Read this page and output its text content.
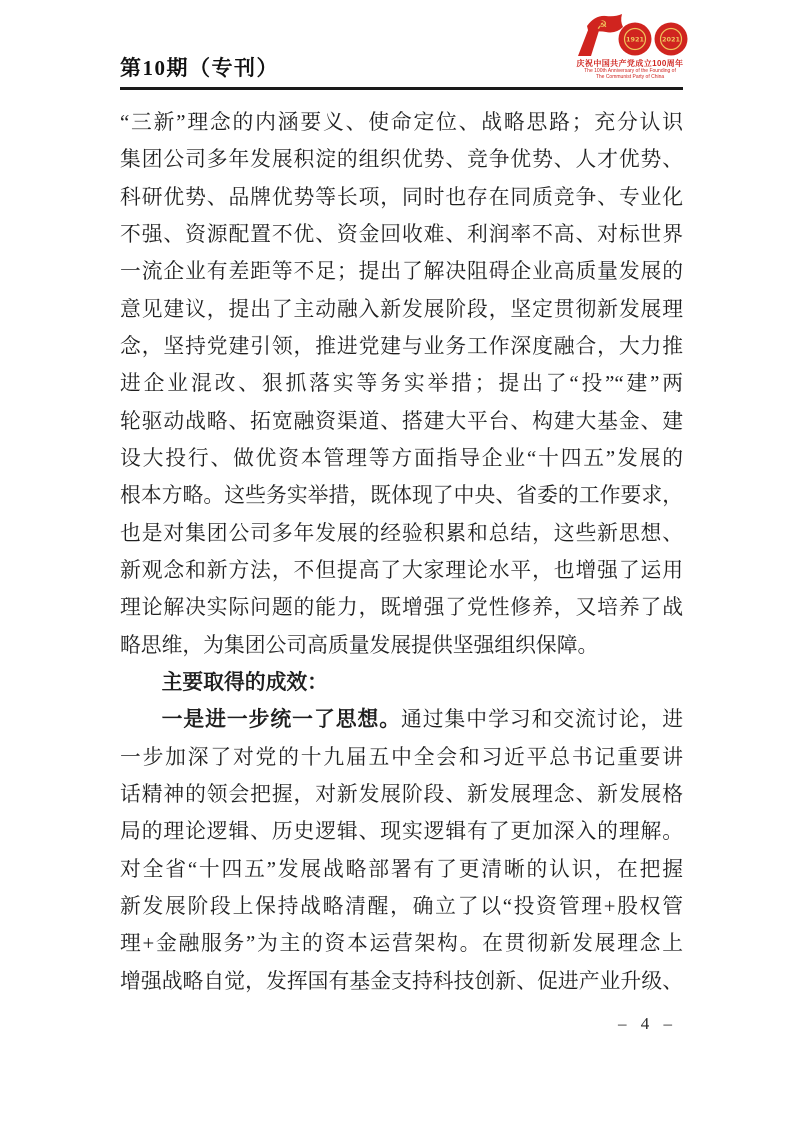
第10期（专刊）
☭
1921	2021
庆祝中国共产党成立100周年
The 100th Anniversary of the Founding of
The Communist Party of China
“三新”理念的内涵要义、使命定位、战略思路；充分认识
集团公司多年发展积淀的组织优势、竞争优势、人才优势、
科研优势、品牌优势等长项，同时也存在同质竞争、专业化
不强、资源配置不优、资金回收难、利润率不高、对标世界
一流企业有差距等不足；提出了解决阻碍企业高质量发展的
意见建议，提出了主动融入新发展阶段，坚定贯彻新发展理
念，坚持党建引领，推进党建与业务工作深度融合，大力推
进企业混改、狠抓落实等务实举措；提出了“投”“建”两
轮驱动战略、拓宽融资渠道、搭建大平台、构建大基金、建
设大投行、做优资本管理等方面指导企业“十四五”发展的
根本方略。这些务实举措，既体现了中央、省委的工作要求，
也是对集团公司多年发展的经验积累和总结，这些新思想、
新观念和新方法，不但提高了大家理论水平，也增强了运用
理论解决实际问题的能力，既增强了党性修养，又培养了战
略思维，为集团公司高质量发展提供坚强组织保障。
主要取得的成效：
一是进一步统一了思想。通过集中学习和交流讨论，进
一步加深了对党的十九届五中全会和习近平总书记重要讲
话精神的领会把握，对新发展阶段、新发展理念、新发展格
局的理论逻辑、历史逻辑、现实逻辑有了更加深入的理解。
对全省“十四五”发展战略部署有了更清晰的认识，在把握
新发展阶段上保持战略清醒，确立了以“投资管理+股权管
理+金融服务”为主的资本运营架构。在贯彻新发展理念上
增强战略自觉，发挥国有基金支持科技创新、促进产业升级、
– 4 –
